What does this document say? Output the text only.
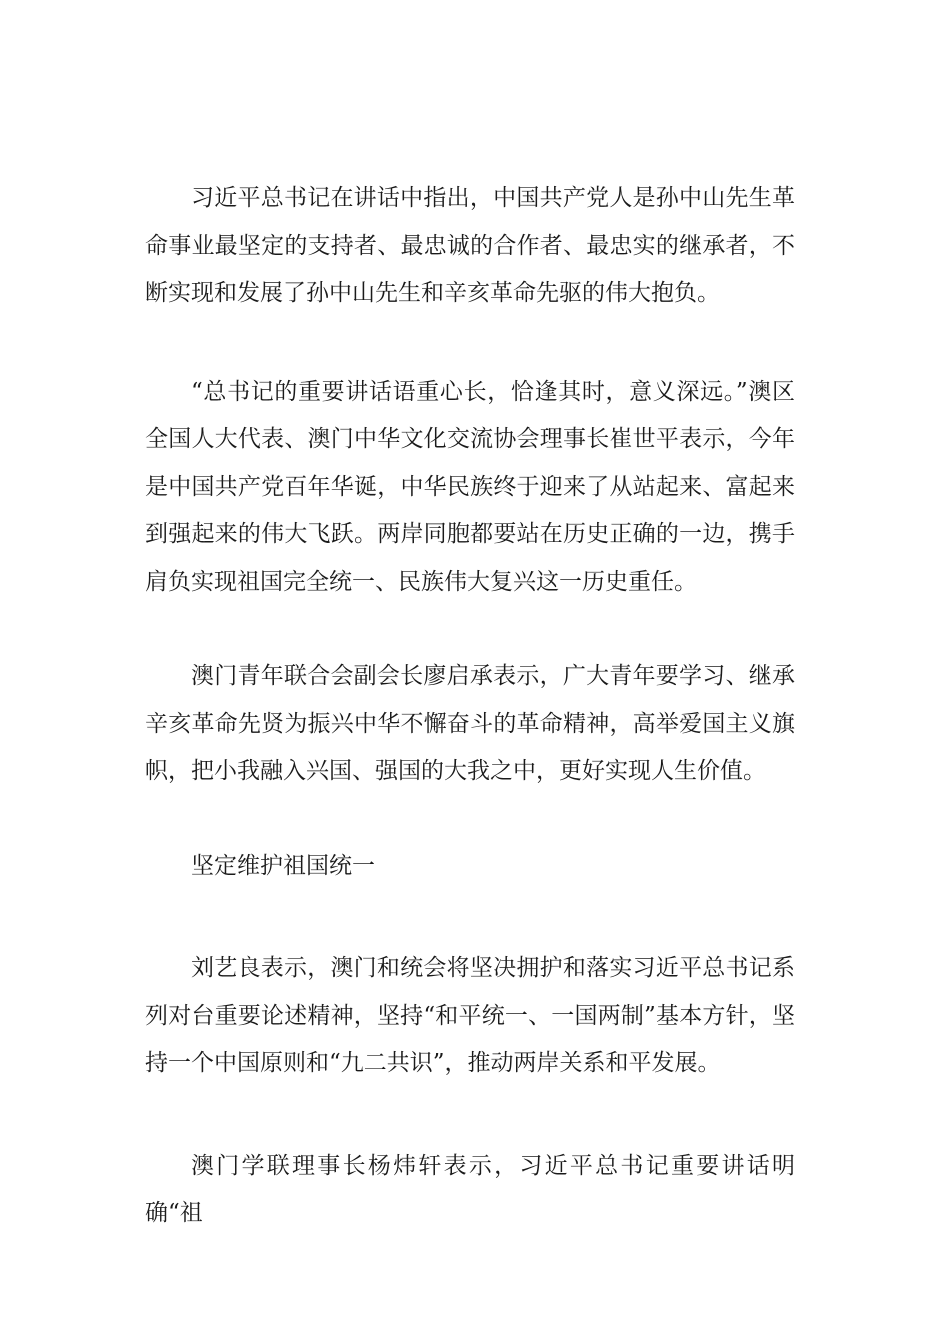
习近平总书记在讲话中指出，中国共产党人是孙中山先生革命事业最坚定的支持者、最忠诚的合作者、最忠实的继承者，不断实现和发展了孙中山先生和辛亥革命先驱的伟大抱负。

“总书记的重要讲话语重心长，恰逢其时，意义深远。”澳区全国人大代表、澳门中华文化交流协会理事长崔世平表示，今年是中国共产党百年华诞，中华民族终于迎来了从站起来、富起来到强起来的伟大飞跃。两岸同胞都要站在历史正确的一边，携手肩负实现祖国完全统一、民族伟大复兴这一历史重任。

澳门青年联合会副会长廖启承表示，广大青年要学习、继承辛亥革命先贤为振兴中华不懈奋斗的革命精神，高举爱国主义旗帜，把小我融入兴国、强国的大我之中，更好实现人生价值。

坚定维护祖国统一

刘艺良表示，澳门和统会将坚决拥护和落实习近平总书记系列对台重要论述精神，坚持“和平统一、一国两制”基本方针，坚持一个中国原则和“九二共识”，推动两岸关系和平发展。

澳门学联理事长杨炜轩表示，习近平总书记重要讲话明确“祖
